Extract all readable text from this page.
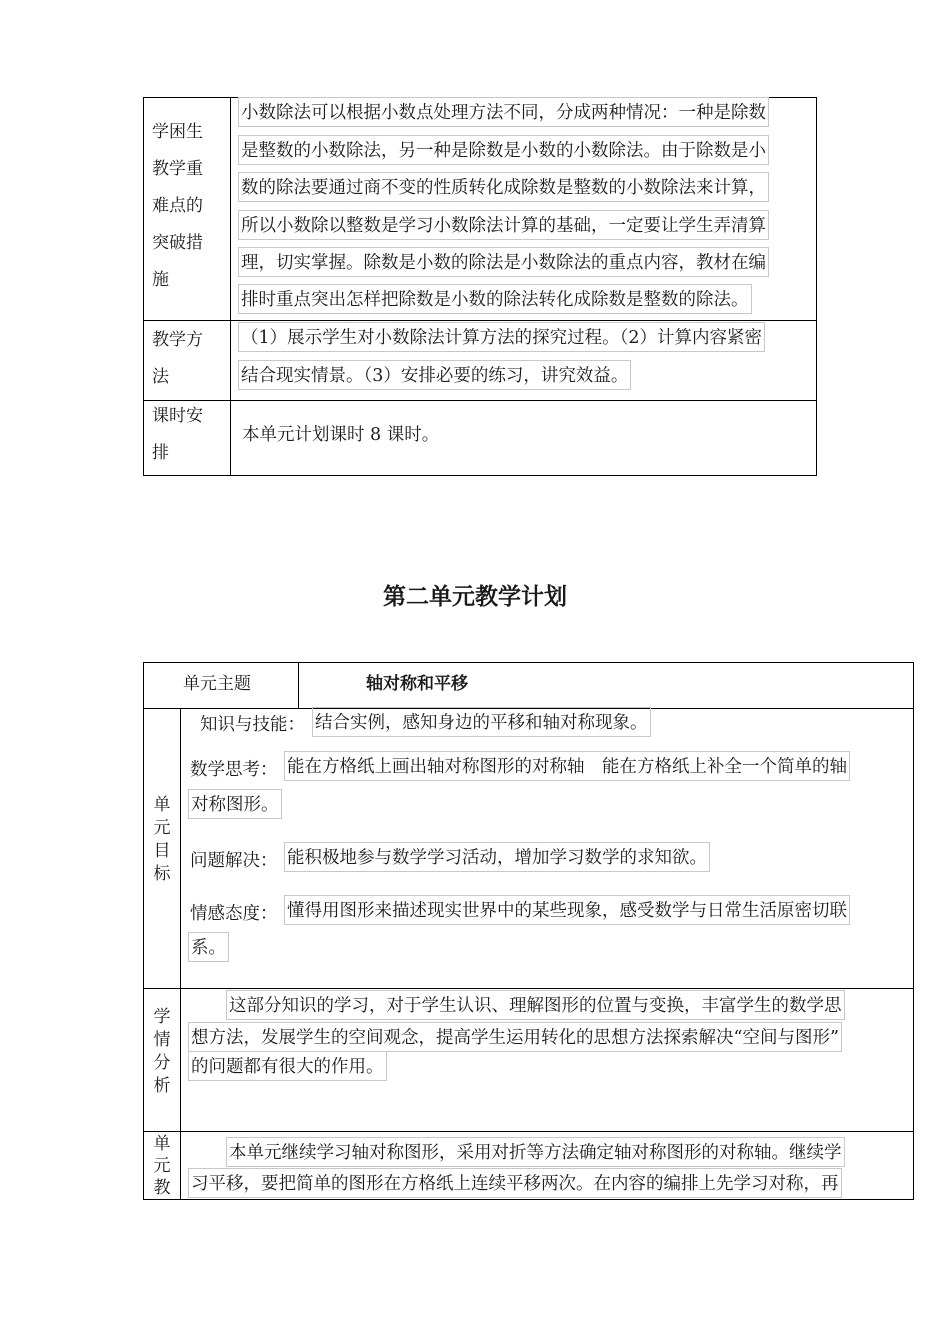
学困生
教学重
难点的
突破措
施
小数除法可以根据小数点处理方法不同，分成两种情况：一种是除数
是整数的小数除法，另一种是除数是小数的小数除法。由于除数是小
数的除法要通过商不变的性质转化成除数是整数的小数除法来计算，
所以小数除以整数是学习小数除法计算的基础，一定要让学生弄清算
理，切实掌握。除数是小数的除法是小数除法的重点内容，教材在编
排时重点突出怎样把除数是小数的除法转化成除数是整数的除法。
教学方
法
（1）展示学生对小数除法计算方法的探究过程。（2）计算内容紧密
结合现实情景。（3）安排必要的练习，讲究效益。
课时安
排
本单元计划课时 8 课时。
第二单元教学计划
单元主题	轴对称和平移
单
元
目
标
知识与技能： 结合实例，感知身边的平移和轴对称现象。
数学思考： 能在方格纸上画出轴对称图形的对称轴　能在方格纸上补全一个简单的轴
对称图形。
问题解决： 能积极地参与数学学习活动，增加学习数学的求知欲。
情感态度： 懂得用图形来描述现实世界中的某些现象，感受数学与日常生活原密切联
系。
学
情
分
析
这部分知识的学习，对于学生认识、理解图形的位置与变换，丰富学生的数学思
想方法，发展学生的空间观念，提高学生运用转化的思想方法探索解决“空间与图形”
的问题都有很大的作用。
单
元
教
本单元继续学习轴对称图形，采用对折等方法确定轴对称图形的对称轴。继续学
习平移，要把简单的图形在方格纸上连续平移两次。在内容的编排上先学习对称，再
